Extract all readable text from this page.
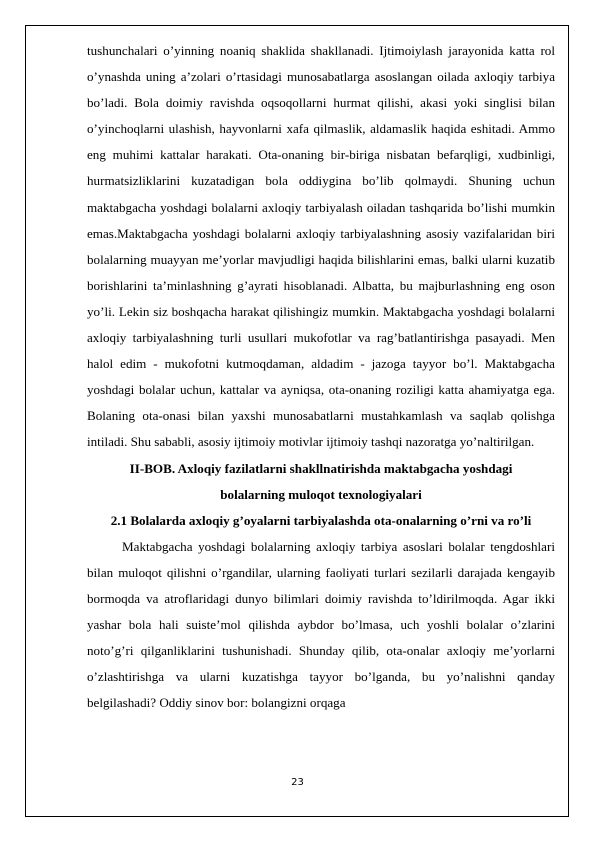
tushunchalari o’yinning noaniq shaklida shakllanadi. Ijtimoiylash jarayonida katta rol o’ynashda uning a’zolari o’rtasidagi munosabatlarga asoslangan oilada axloqiy tarbiya bo’ladi. Bola doimiy ravishda oqsoqollarni hurmat qilishi, akasi yoki singlisi bilan o’yinchoqlarni ulashish, hayvonlarni xafa qilmaslik, aldamaslik haqida eshitadi. Ammo eng muhimi kattalar harakati. Ota-onaning bir-biriga nisbatan befarqligi, xudbinligi, hurmatsizliklarini kuzatadigan bola oddiygina bo’lib qolmaydi. Shuning uchun maktabgacha yoshdagi bolalarni axloqiy tarbiyalash oiladan tashqarida bo’lishi mumkin emas.Maktabgacha yoshdagi bolalarni axloqiy tarbiyalashning asosiy vazifalaridan biri bolalarning muayyan me’yorlar mavjudligi haqida bilishlarini emas, balki ularni kuzatib borishlarini ta’minlashning g’ayrati hisoblanadi. Albatta, bu majburlashning eng oson yo’li. Lekin siz boshqacha harakat qilishingiz mumkin. Maktabgacha yoshdagi bolalarni axloqiy tarbiyalashning turli usullari mukofotlar va rag’batlantirishga pasayadi. Men halol edim - mukofotni kutmoqdaman, aldadim - jazoga tayyor bo’l. Maktabgacha yoshdagi bolalar uchun, kattalar va ayniqsa, ota-onaning roziligi katta ahamiyatga ega. Bolaning ota-onasi bilan yaxshi munosabatlarni mustahkamlash va saqlab qolishga intiladi. Shu sababli, asosiy ijtimoiy motivlar ijtimoiy tashqi nazoratga yo’naltirilgan.

II-BOB. Axloqiy fazilatlarni shakllnatirishda maktabgacha yoshdagi bolalarning muloqot texnologiyalari

2.1 Bolalarda axloqiy g’oyalarni tarbiyalashda ota-onalarning o’rni va ro’li

Maktabgacha yoshdagi bolalarning axloqiy tarbiya asoslari bolalar tengdoshlari bilan muloqot qilishni o’rgandilar, ularning faoliyati turlari sezilarli darajada kengayib bormoqda va atroflaridagi dunyo bilimlari doimiy ravishda to’ldirilmoqda. Agar ikki yashar bola hali suiste’mol qilishda aybdor bo’lmasa, uch yoshli bolalar o’zlarini noto’g’ri qilganliklarini tushunishadi. Shunday qilib, ota-onalar axloqiy me’yorlarni o’zlashtirishga va ularni kuzatishga tayyor bo’lganda, bu yo’nalishni qanday belgilashadi? Oddiy sinov bor: bolangizni orqaga

23
